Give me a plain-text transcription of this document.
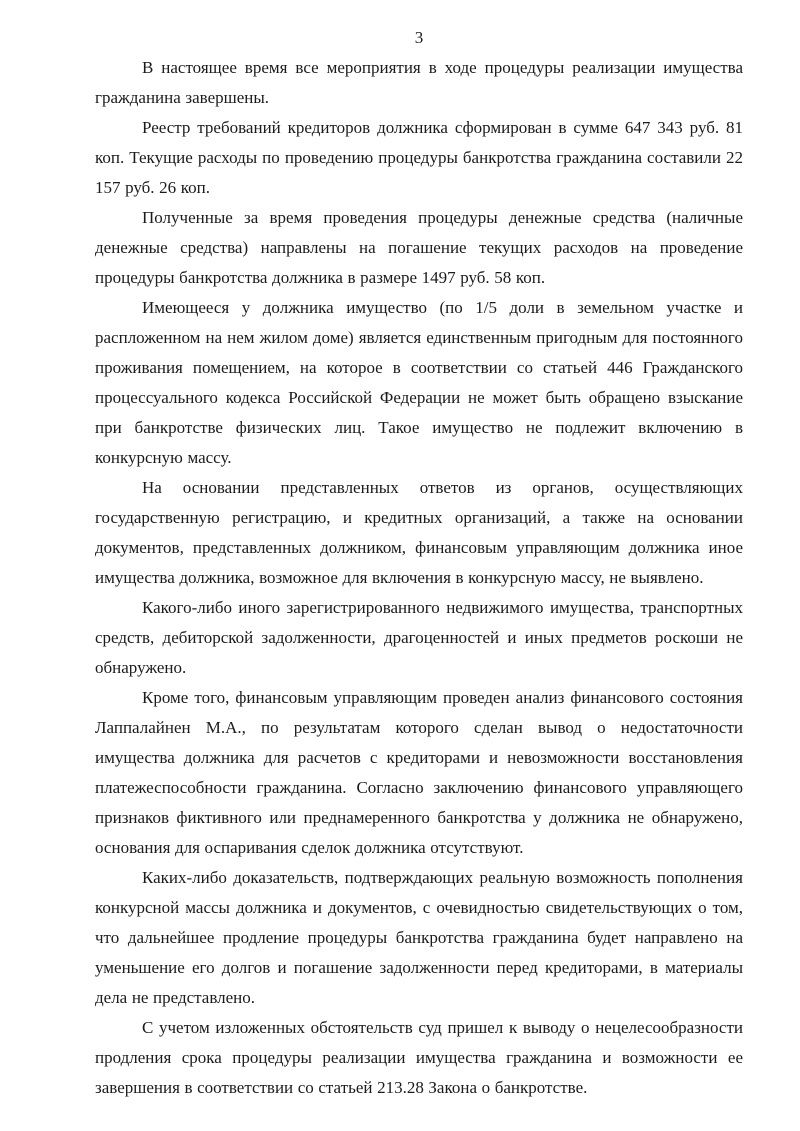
3

В настоящее время все мероприятия в ходе процедуры реализации имущества гражданина завершены.

Реестр требований кредиторов должника сформирован в сумме 647 343 руб. 81 коп. Текущие расходы по проведению процедуры банкротства гражданина составили 22 157 руб. 26 коп.

Полученные за время проведения процедуры денежные средства (наличные денежные средства) направлены на погашение текущих расходов на проведение процедуры банкротства должника в размере 1497 руб. 58 коп.

Имеющееся у должника имущество (по 1/5 доли в земельном участке и распложенном на нем жилом доме) является единственным пригодным для постоянного проживания помещением, на которое в соответствии со статьей 446 Гражданского процессуального кодекса Российской Федерации не может быть обращено взыскание при банкротстве физических лиц. Такое имущество не подлежит включению в конкурсную массу.

На основании представленных ответов из органов, осуществляющих государственную регистрацию, и кредитных организаций, а также на основании документов, представленных должником, финансовым управляющим должника иное имущества должника, возможное для включения в конкурсную массу, не выявлено.

Какого-либо иного зарегистрированного недвижимого имущества, транспортных средств, дебиторской задолженности, драгоценностей и иных предметов роскоши не обнаружено.

Кроме того, финансовым управляющим проведен анализ финансового состояния Лаппалайнен М.А., по результатам которого сделан вывод о недостаточности имущества должника для расчетов с кредиторами и невозможности восстановления платежеспособности гражданина. Согласно заключению финансового управляющего признаков фиктивного или преднамеренного банкротства у должника не обнаружено, основания для оспаривания сделок должника отсутствуют.

Каких-либо доказательств, подтверждающих реальную возможность пополнения конкурсной массы должника и документов, с очевидностью свидетельствующих о том, что дальнейшее продление процедуры банкротства гражданина будет направлено на уменьшение его долгов и погашение задолженности перед кредиторами, в материалы дела не представлено.

С учетом изложенных обстоятельств суд пришел к выводу о нецелесообразности продления срока процедуры реализации имущества гражданина и возможности ее завершения в соответствии со статьей 213.28 Закона о банкротстве.
